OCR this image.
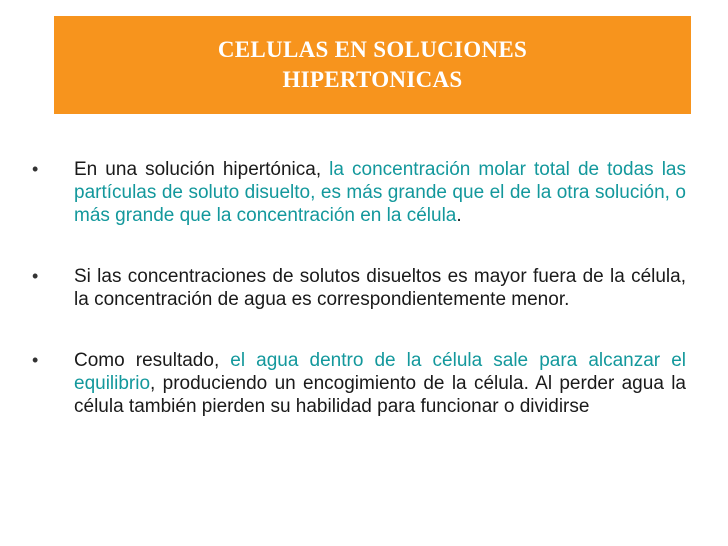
CELULAS EN SOLUCIONES
HIPERTONICAS
• En una solución hipertónica, la concentración molar total de todas las partículas de soluto disuelto, es más grande que el de la otra solución, o más grande que la concentración en la célula.
• Si las concentraciones de solutos disueltos es mayor fuera de la célula, la concentración de agua es correspondientemente menor.
• Como resultado, el agua dentro de la célula sale para alcanzar el equilibrio, produciendo un encogimiento de la célula. Al perder agua la célula también pierden su habilidad para funcionar o dividirse
